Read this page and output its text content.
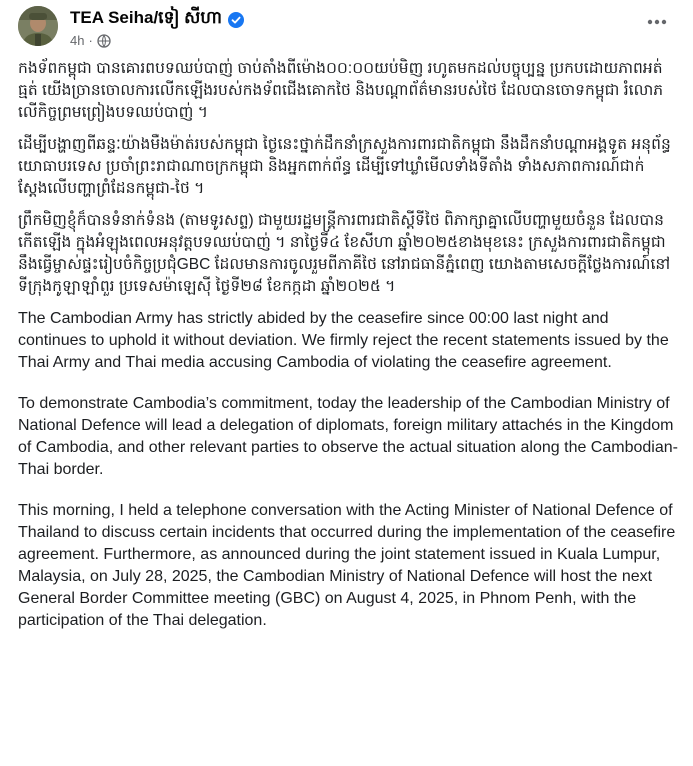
TEA Seiha/ទៀ សីហា
4h ·

កងទ័ពកម្ពុជា បានគោរពបទឈប់បាញ់ ចាប់តាំងពីម៉ោង០០:០០យប់មិញ រហូតមកដល់បច្ចុប្បន្ន ប្រកបដោយភាពអត់ធ្មត់ យើងច្រានចោលការលើកឡើងរបស់កងទ័ពជើងគោកថៃ និងបណ្តាព័ត៌មានរបស់ថៃ ដែលបានចោទកម្ពុជា រំលោភលើកិច្ចព្រមព្រៀងបទឈប់បាញ់ ។

ដើម្បីបង្ហាញពីឆន្ទៈយ៉ាងមឺងម៉ាត់របស់កម្ពុជា ថ្ងៃនេះថ្នាក់ដឹកនាំក្រសួងការពារជាតិកម្ពុជា នឹងដឹកនាំបណ្តាអង្គទូត អនុព័ន្ធយោធាបរទេស ប្រចាំព្រះរាជាណាចក្រកម្ពុជា និងអ្នកពាក់ព័ន្ធ ដើម្បីទៅឃ្លាំមើលទាំងទីតាំង ទាំងសភាពការណ៍ជាក់ស្តែងលើបញ្ហាព្រំដែនកម្ពុជា-ថៃ ។

ព្រឹកមិញខ្ញុំក៏បានទំនាក់ទំនង (តាមទូរសព្ទ) ជាមួយរដ្ឋមន្ត្រីការពារជាតិស្តីទីថៃ ពិភាក្សាគ្នាលើបញ្ហាមួយចំនួន ដែលបានកើតឡើង ក្នុងអំឡុងពេលអនុវត្តបទឈប់បាញ់ ។ នាថ្ងៃទី៤ ខែសីហា ឆ្នាំ២០២៥ខាងមុខនេះ ក្រសួងការពារជាតិកម្ពុជា នឹងធ្វើម្ចាស់ផ្ទះរៀបចំកិច្ចប្រជុំGBC ដែលមានការចូលរួមពីភាគីថៃ នៅរាជធានីភ្នំពេញ យោងតាមសេចក្តីថ្លែងការណ៍នៅទីក្រុងកូឡាឡាំពួរ ប្រទេសម៉ាឡេស៊ី ថ្ងៃទី២៨ ខែកក្កដា ឆ្នាំ២០២៥ ។

The Cambodian Army has strictly abided by the ceasefire since 00:00 last night and continues to uphold it without deviation. We firmly reject the recent statements issued by the Thai Army and Thai media accusing Cambodia of violating the ceasefire agreement.

To demonstrate Cambodia’s commitment, today the leadership of the Cambodian Ministry of National Defence will lead a delegation of diplomats, foreign military attachés in the Kingdom of Cambodia, and other relevant parties to observe the actual situation along the Cambodian-Thai border.

This morning, I held a telephone conversation with the Acting Minister of National Defence of Thailand to discuss certain incidents that occurred during the implementation of the ceasefire agreement. Furthermore, as announced during the joint statement issued in Kuala Lumpur, Malaysia, on July 28, 2025, the Cambodian Ministry of National Defence will host the next General Border Committee meeting (GBC) on August 4, 2025, in Phnom Penh, with the participation of the Thai delegation.
